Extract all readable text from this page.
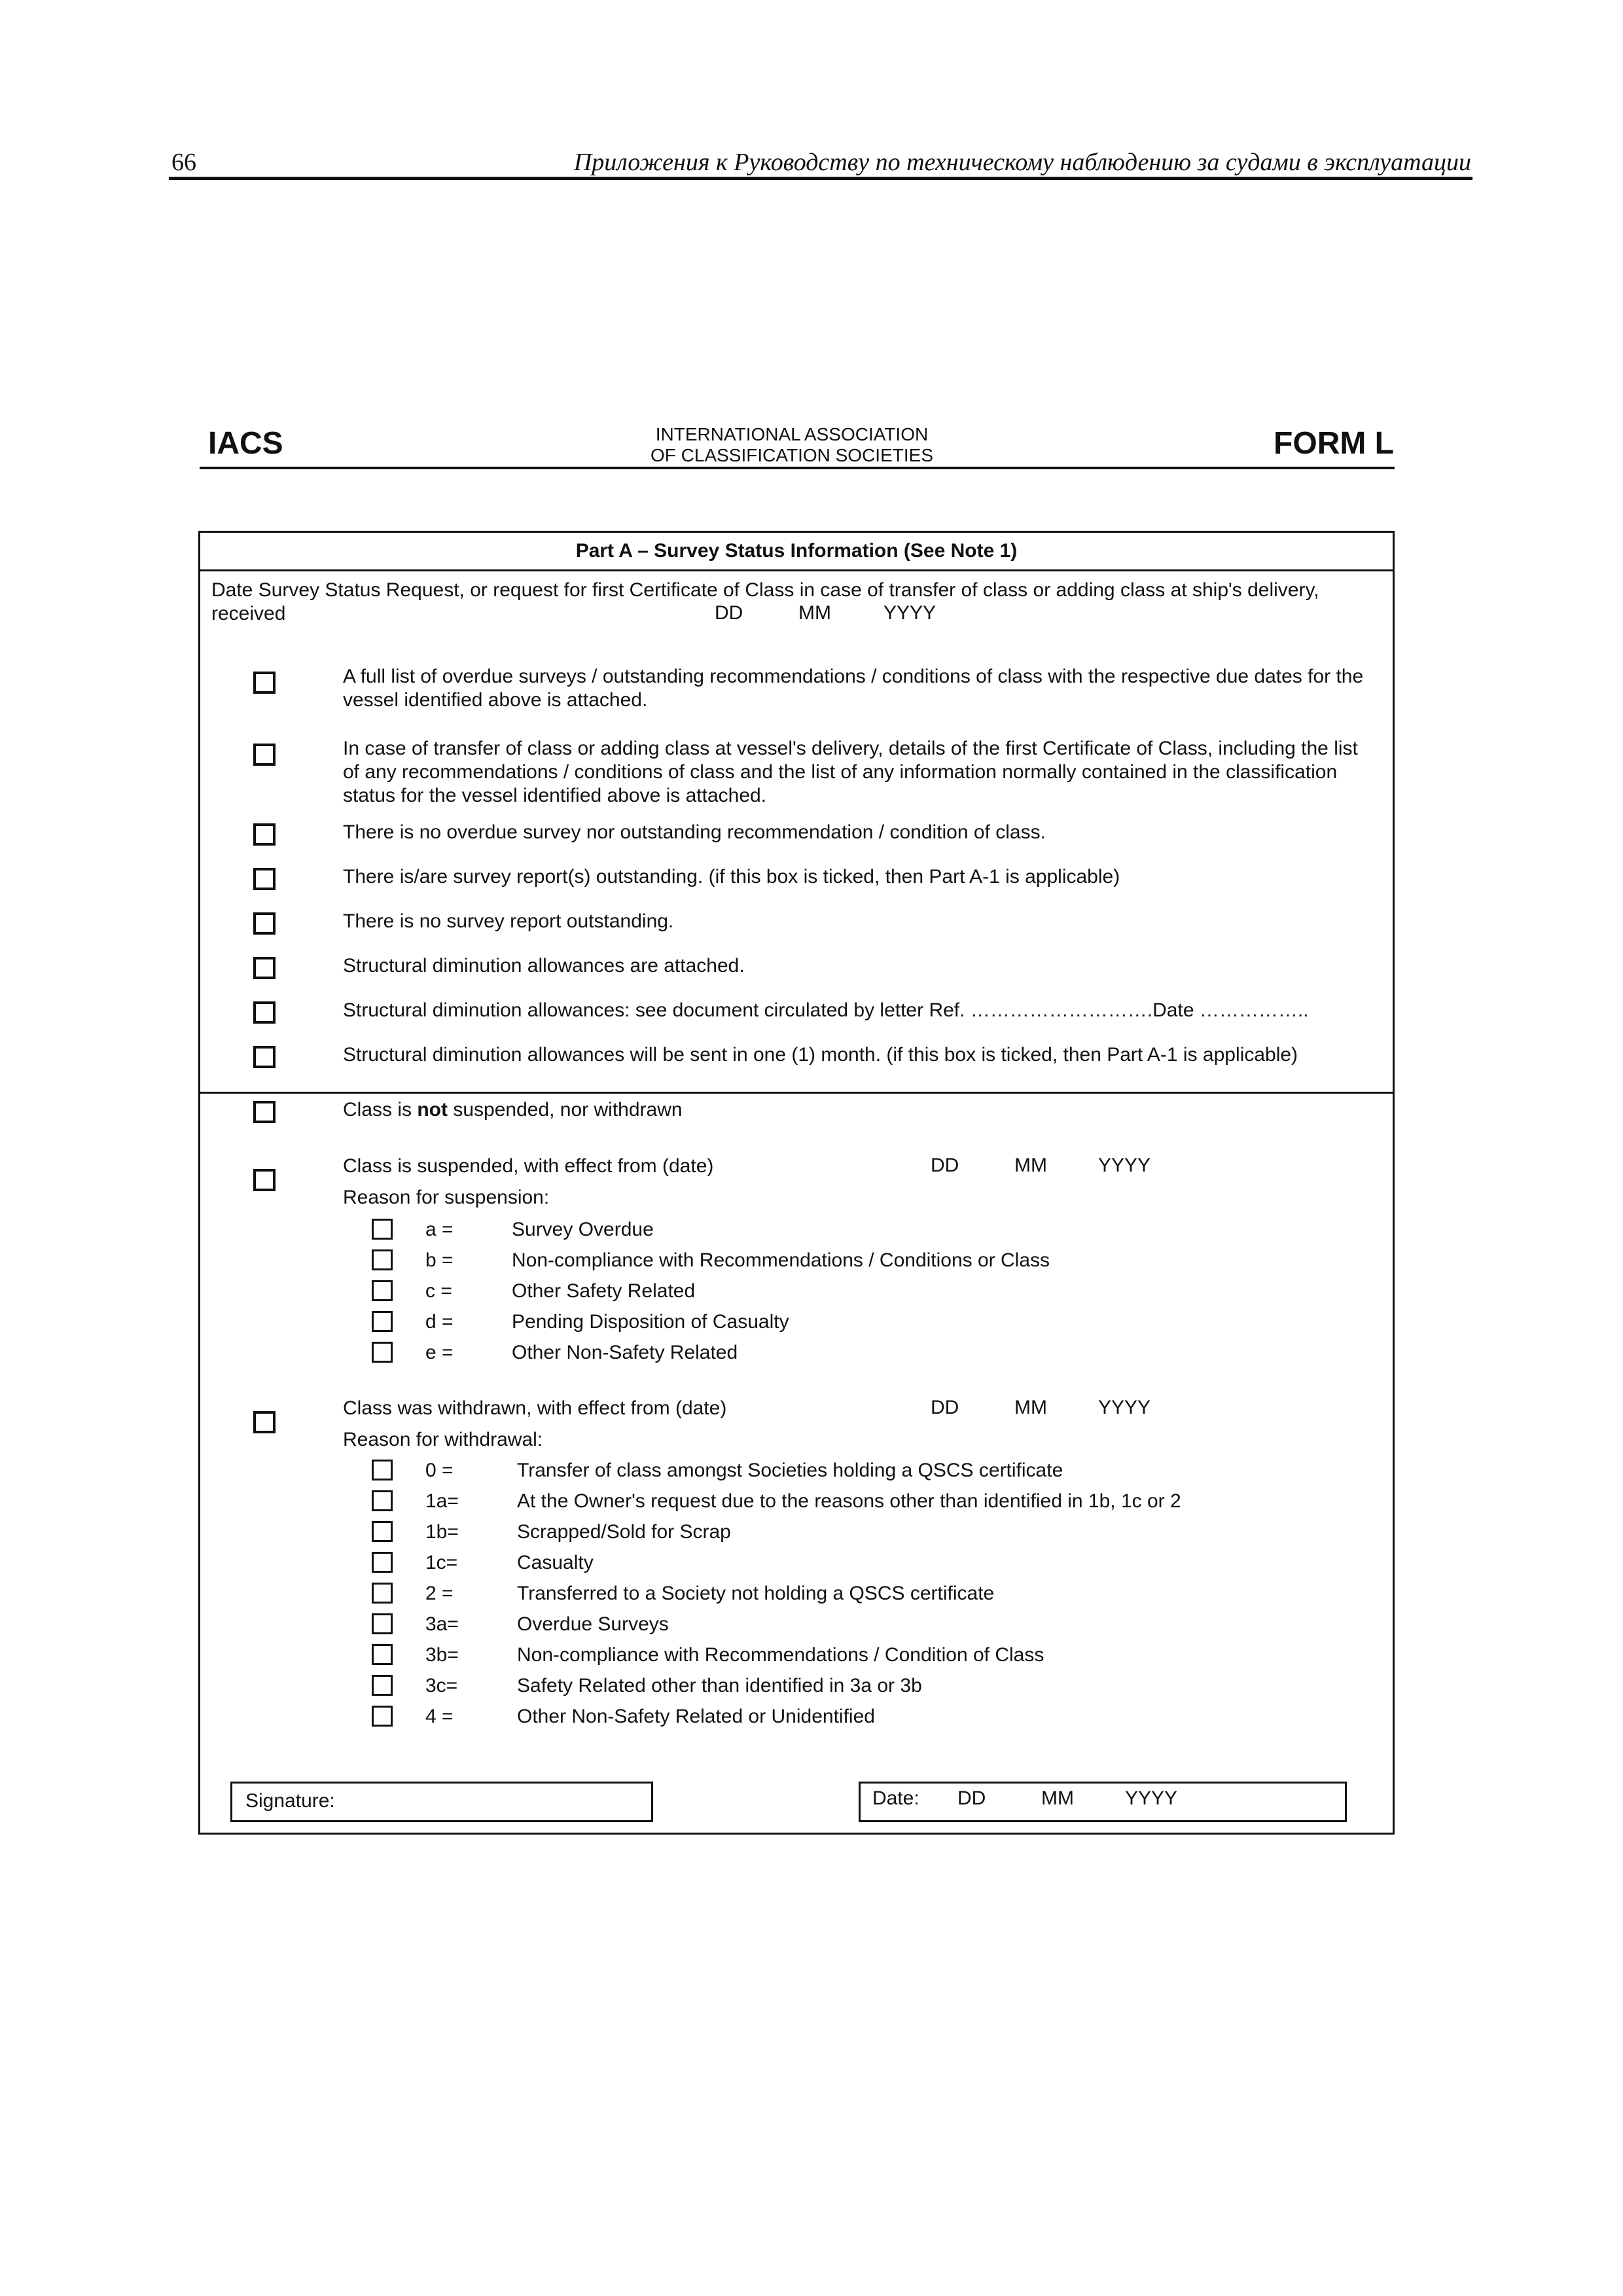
66	Приложения к Руководству по техническому наблюдению за судами в эксплуатации
IACS	INTERNATIONAL ASSOCIATION
OF CLASSIFICATION SOCIETIES	FORM L
Part A – Survey Status Information (See Note 1)
Date Survey Status Request, or request for first Certificate of Class in case of transfer of class or adding class at ship's delivery, received	DD	MM	YYYY
A full list of overdue surveys / outstanding recommendations / conditions of class with the respective due dates for the vessel identified above is attached.
In case of transfer of class or adding class at vessel's delivery, details of the first Certificate of Class, including the list of any recommendations / conditions of class and the list of any information normally contained in the classification status for the vessel identified above is attached.
There is no overdue survey nor outstanding recommendation / condition of class.
There is/are survey report(s) outstanding. (if this box is ticked, then Part A-1 is applicable)
There is no survey report outstanding.
Structural diminution allowances are attached.
Structural diminution allowances: see document circulated by letter Ref. ……………………….Date ……………..
Structural diminution allowances will be sent in one (1) month. (if this box is ticked, then Part A-1 is applicable)
Class is not suspended, nor withdrawn
Class is suspended, with effect from (date)	DD	MM	YYYY
Reason for suspension:
a =	Survey Overdue
b =	Non-compliance with Recommendations / Conditions or Class
c =	Other Safety Related
d =	Pending Disposition of Casualty
e =	Other Non-Safety Related
Class was withdrawn, with effect from (date)	DD	MM	YYYY
Reason for withdrawal:
0 =	Transfer of class amongst Societies holding a QSCS certificate
1a=	At the Owner's request due to the reasons other than identified in 1b, 1c or 2
1b=	Scrapped/Sold for Scrap
1c=	Casualty
2 =	Transferred to a Society not holding a QSCS certificate
3a=	Overdue Surveys
3b=	Non-compliance with Recommendations / Condition of Class
3c=	Safety Related other than identified in 3a or 3b
4 =	Other Non-Safety Related or Unidentified
Signature:	Date: DD	MM	YYYY
